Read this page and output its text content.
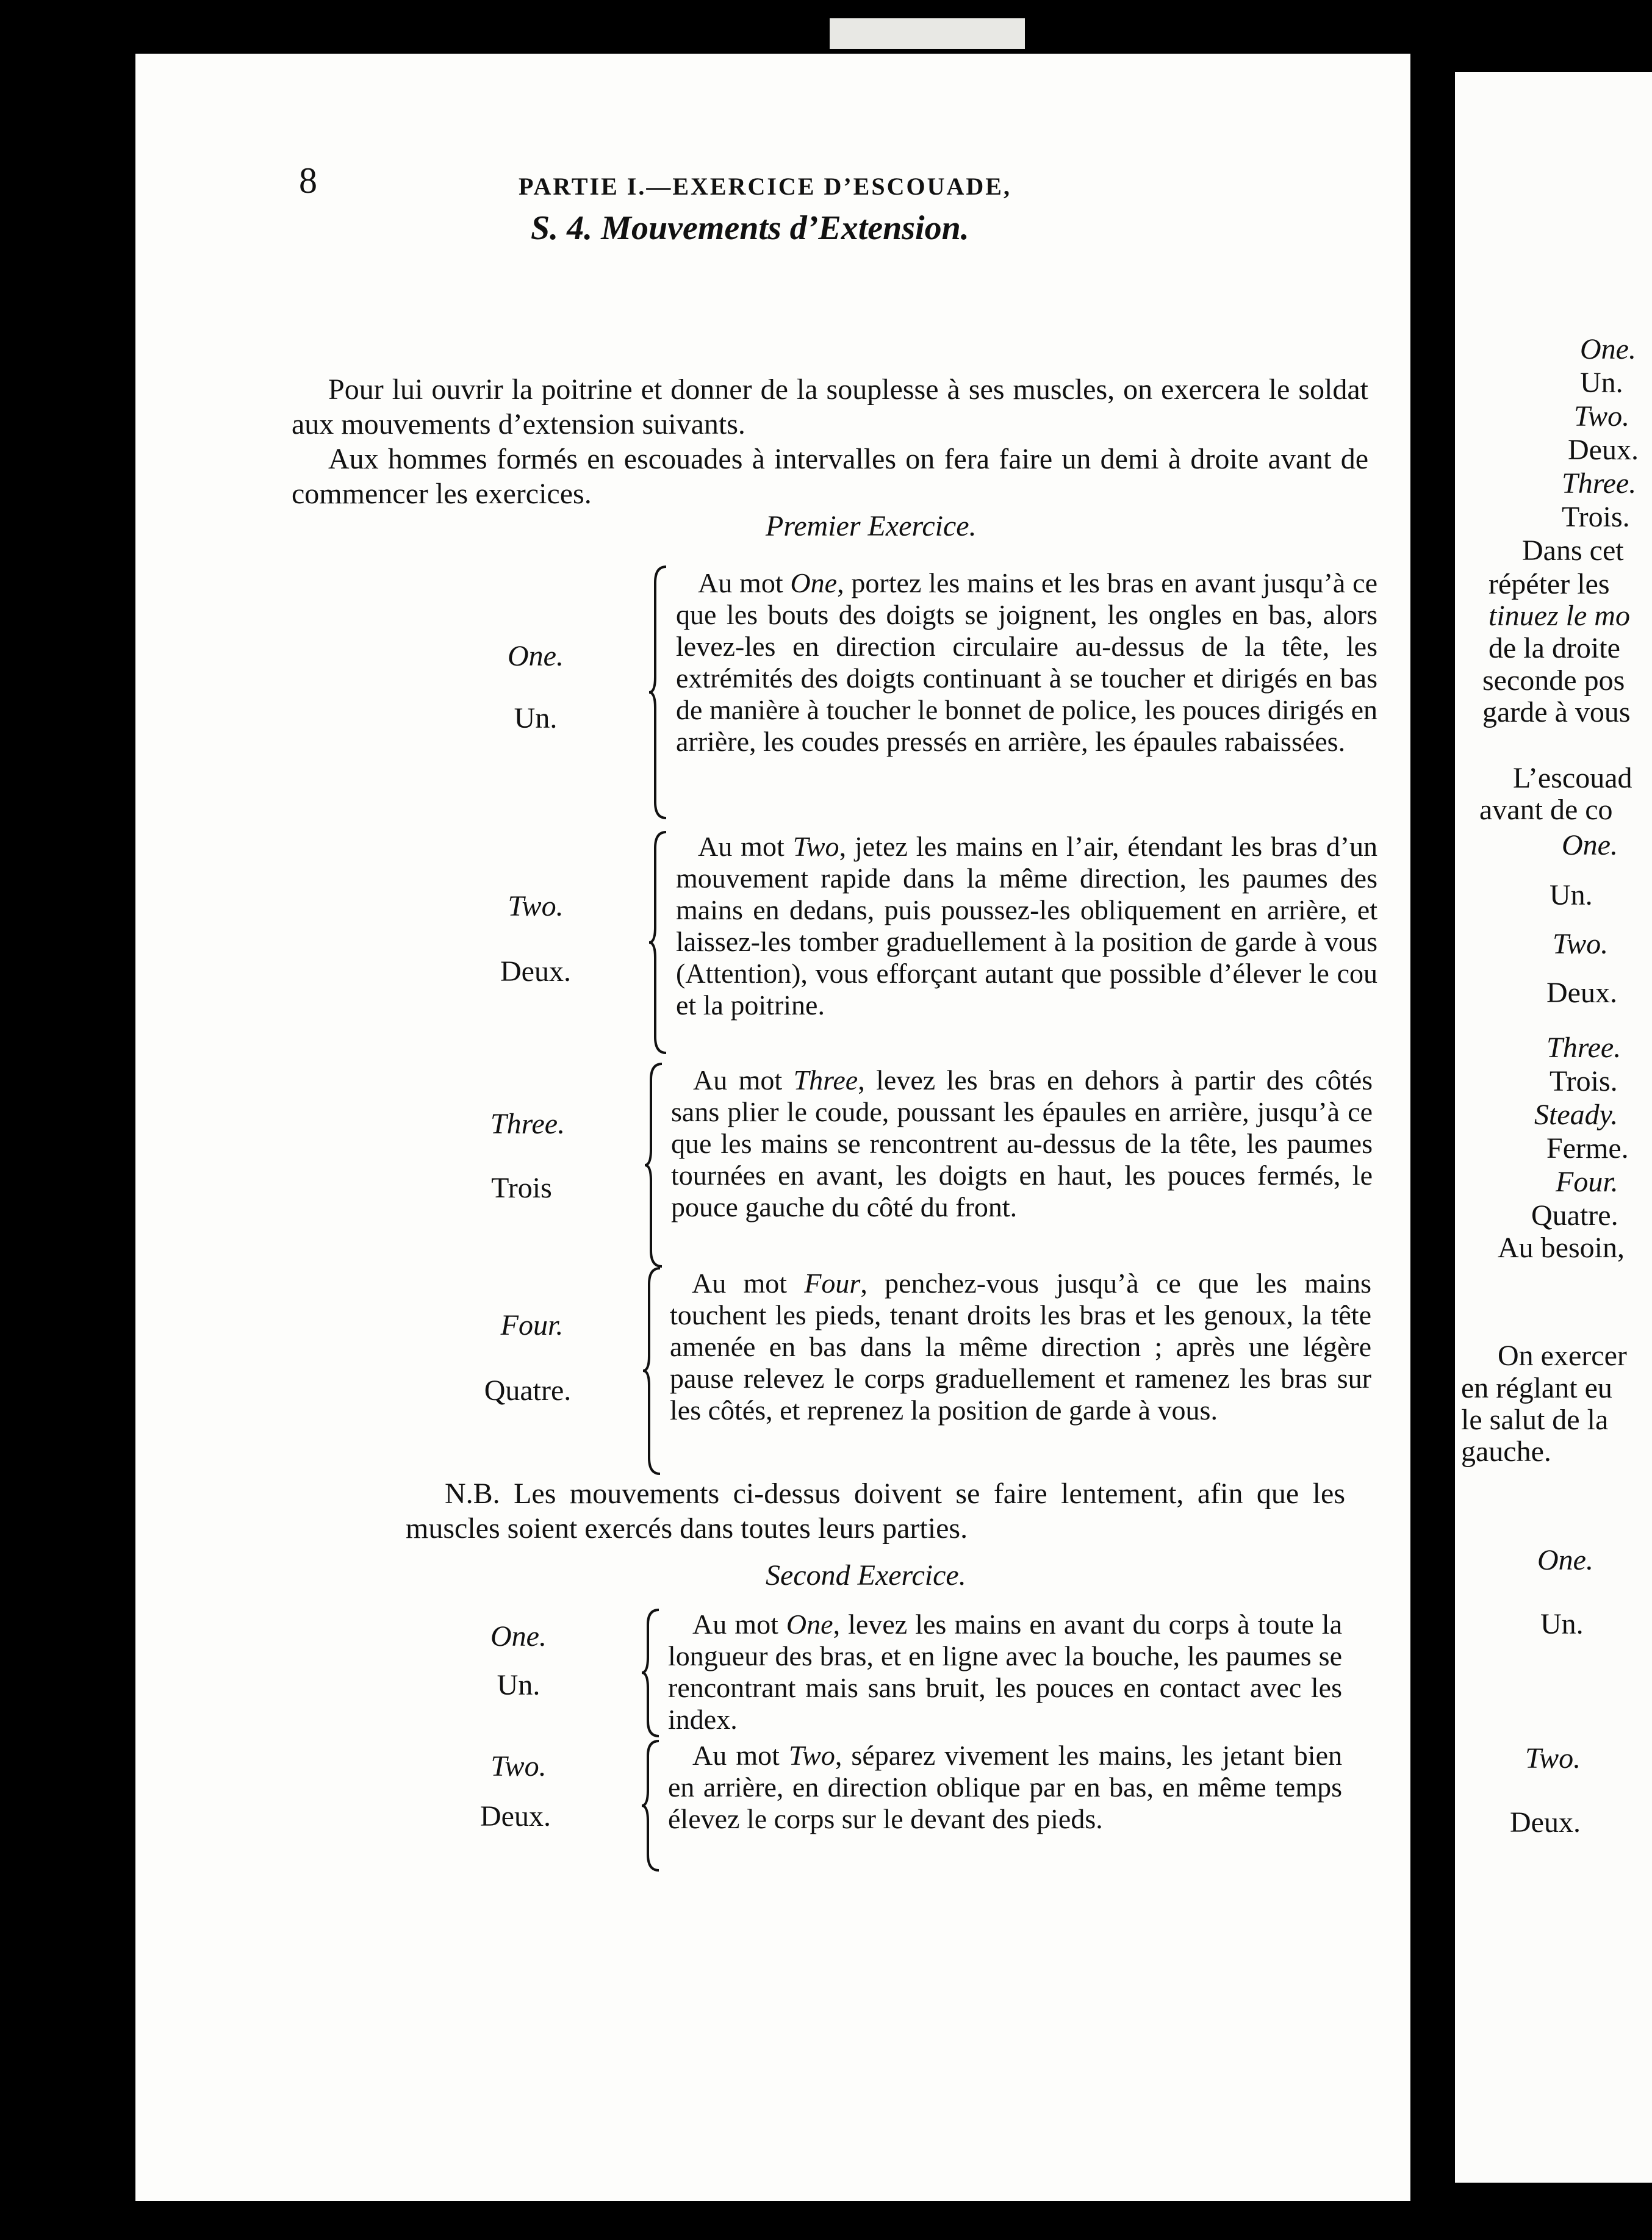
8	PARTIE I.—EXERCICE D’ESCOUADE,
S. 4. Mouvements d’Extension.
Pour lui ouvrir la poitrine et donner de la souplesse à ses muscles, on exercera le soldat aux mouvements d’extension suivants.
Aux hommes formés en escouades à intervalles on fera faire un demi à droite avant de commencer les exercices.
Premier Exercice.
One.
Un.
Au mot One, portez les mains et les bras en avant jusqu’à ce que les bouts des doigts se joignent, les ongles en bas, alors levez-les en direction circulaire au-dessus de la tête, les extrémités des doigts continuant à se toucher et dirigés en bas de manière à toucher le bonnet de police, les pouces dirigés en arrière, les coudes pressés en arrière, les épaules rabaissées.
Two.
Deux.
Au mot Two, jetez les mains en l’air, étendant les bras d’un mouvement rapide dans la même direction, les paumes des mains en dedans, puis poussez-les obliquement en arrière, et laissez-les tomber graduellement à la position de garde à vous (Attention), vous efforçant autant que possible d’élever le cou et la poitrine.
Three.
Trois
Au mot Three, levez les bras en dehors à partir des côtés sans plier le coude, poussant les épaules en arrière, jusqu’à ce que les mains se rencontrent au-dessus de la tête, les paumes tournées en avant, les doigts en haut, les pouces fermés, le pouce gauche du côté du front.
Four.
Quatre.
Au mot Four, penchez-vous jusqu’à ce que les mains touchent les pieds, tenant droits les bras et les genoux, la tête amenée en bas dans la même direction ; après une légère pause relevez le corps graduellement et ramenez les bras sur les côtés, et reprenez la position de garde à vous.
N.B. Les mouvements ci-dessus doivent se faire lentement, afin que les muscles soient exercés dans toutes leurs parties.
Second Exercice.
One.
Un.
Au mot One, levez les mains en avant du corps à toute la longueur des bras, et en ligne avec la bouche, les paumes se rencontrant mais sans bruit, les pouces en contact avec les index.
Two.
Deux.
Au mot Two, séparez vivement les mains, les jetant bien en arrière, en direction oblique par en bas, en même temps élevez le corps sur le devant des pieds.
One.
Un.
Two.
Deux.
Three.
Trois.
Dans cet
répéter les
tinuez le mo
de la droite
seconde pos
garde à vous
L’escouad
avant de co
One.
Un.
Two.
Deux.
Three.
Trois.
Steady.
Ferme.
Four.
Quatre.
Au besoin,
On exercer
en réglant eu
le salut de la
gauche.
One.
Un.
Two.
Deux.
